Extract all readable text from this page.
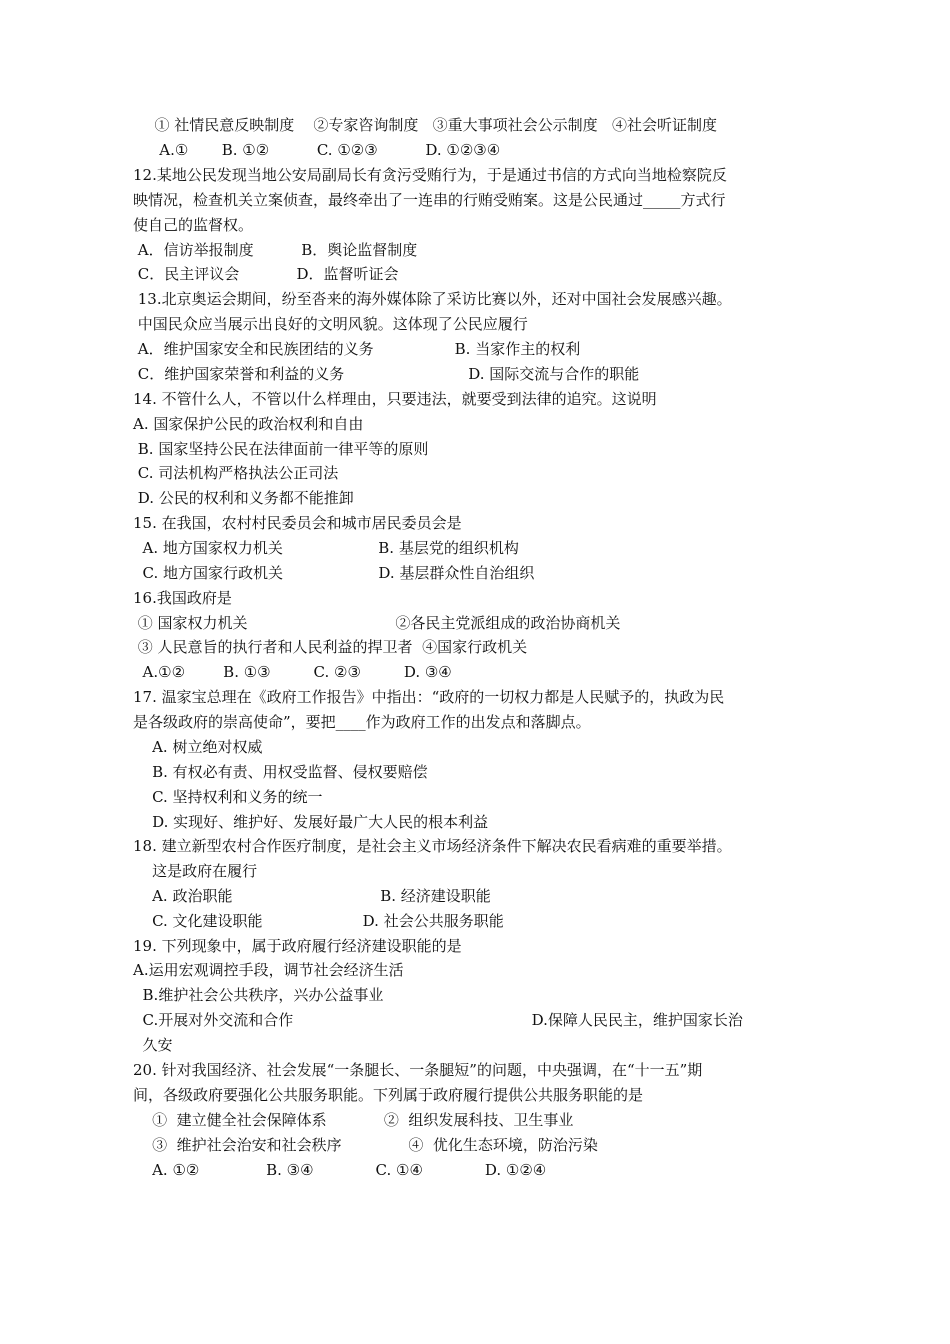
① 社情民意反映制度    ②专家咨询制度   ③重大事项社会公示制度   ④社会听证制度
A.①       B. ①②          C. ①②③          D. ①②③④
12.某地公民发现当地公安局副局长有贪污受贿行为，于是通过书信的方式向当地检察院反
映情况，检查机关立案侦查，最终牵出了一连串的行贿受贿案。这是公民通过_____方式行
使自己的监督权。
A．信访举报制度          B．舆论监督制度
C．民主评议会            D．监督听证会
13.北京奥运会期间，纷至沓来的海外媒体除了采访比赛以外，还对中国社会发展感兴趣。
中国民众应当展示出良好的文明风貌。这体现了公民应履行
A．维护国家安全和民族团结的义务                 B. 当家作主的权利
C．维护国家荣誉和利益的义务                          D. 国际交流与合作的职能
14. 不管什么人，不管以什么样理由，只要违法，就要受到法律的追究。这说明
A. 国家保护公民的政治权利和自由
B. 国家坚持公民在法律面前一律平等的原则
C. 司法机构严格执法公正司法
D. 公民的权利和义务都不能推卸
15. 在我国，农村村民委员会和城市居民委员会是
A. 地方国家权力机关                    B. 基层党的组织机构
C. 地方国家行政机关                    D. 基层群众性自治组织
16.我国政府是
① 国家权力机关                               ②各民主党派组成的政治协商机关
③ 人民意旨的执行者和人民利益的捍卫者  ④国家行政机关
A.①②        B. ①③         C. ②③         D. ③④
17. 温家宝总理在《政府工作报告》中指出：“政府的一切权力都是人民赋予的，执政为民
是各级政府的崇高使命”，要把____作为政府工作的出发点和落脚点。
A. 树立绝对权威
B. 有权必有责、用权受监督、侵权要赔偿
C. 坚持权利和义务的统一
D. 实现好、维护好、发展好最广大人民的根本利益
18. 建立新型农村合作医疗制度，是社会主义市场经济条件下解决农民看病难的重要举措。
这是政府在履行
A. 政治职能                               B. 经济建设职能
C. 文化建设职能                     D. 社会公共服务职能
19. 下列现象中，属于政府履行经济建设职能的是
A.运用宏观调控手段，调节社会经济生活
B.维护社会公共秩序，兴办公益事业
C.开展对外交流和合作                                                  D.保障人民民主，维护国家长治
久安
20. 针对我国经济、社会发展“一条腿长、一条腿短”的问题，中央强调，在“十一五”期
间，各级政府要强化公共服务职能。下列属于政府履行提供公共服务职能的是
①  建立健全社会保障体系            ②  组织发展科技、卫生事业
③  维护社会治安和社会秩序              ④  优化生态环境，防治污染
A. ①②              B. ③④             C. ①④             D. ①②④
